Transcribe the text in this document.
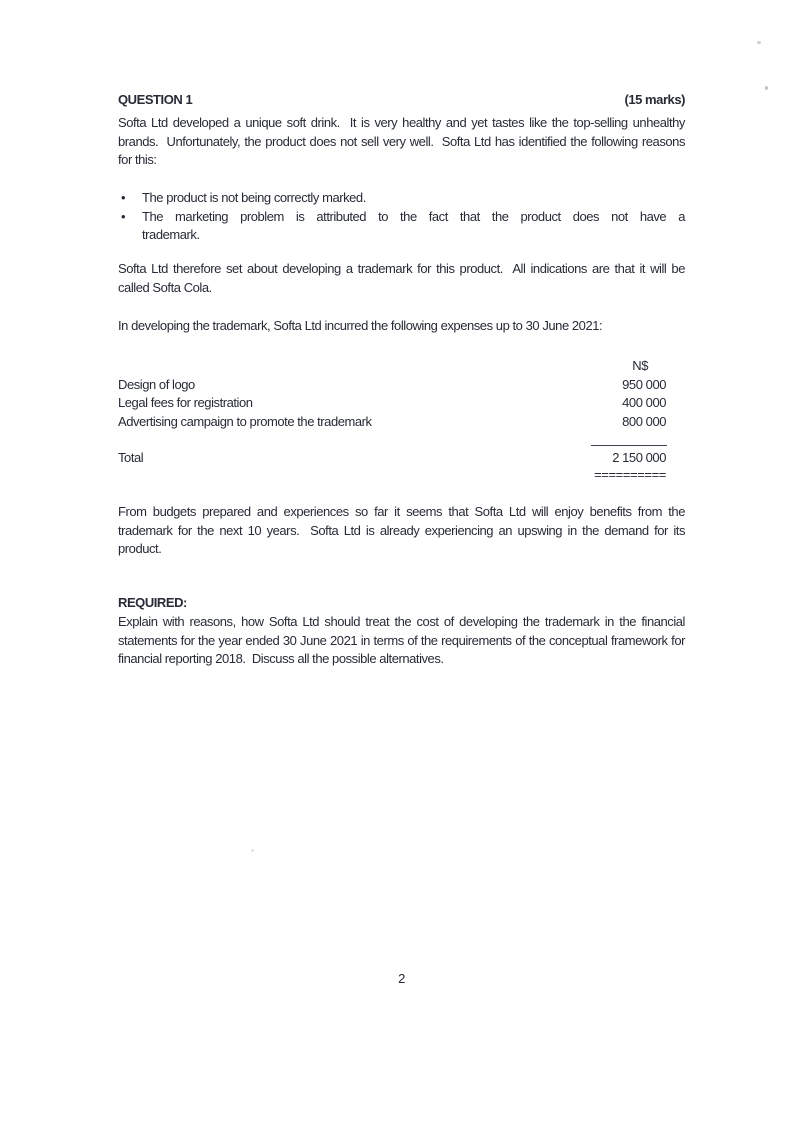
QUESTION 1	(15 marks)
Softa Ltd developed a unique soft drink.  It is very healthy and yet tastes like the top-selling unhealthy brands.  Unfortunately, the product does not sell very well.  Softa Ltd has identified the following reasons for this:
•	The product is not being correctly marked.
•	The marketing problem is attributed to the fact that the product does not have a
trademark.
Softa Ltd therefore set about developing a trademark for this product.  All indications are that it will be called Softa Cola.
In developing the trademark, Softa Ltd incurred the following expenses up to 30 June 2021:
N$
Design of logo	950 000
Legal fees for registration	400 000
Advertising campaign to promote the trademark	800 000
Total	2 150 000
==========
From budgets prepared and experiences so far it seems that Softa Ltd will enjoy benefits from the trademark for the next 10 years.  Softa Ltd is already experiencing an upswing in the demand for its product.
REQUIRED:
Explain with reasons, how Softa Ltd should treat the cost of developing the trademark in the financial statements for the year ended 30 June 2021 in terms of the requirements of the conceptual framework for financial reporting 2018.  Discuss all the possible alternatives.
2
